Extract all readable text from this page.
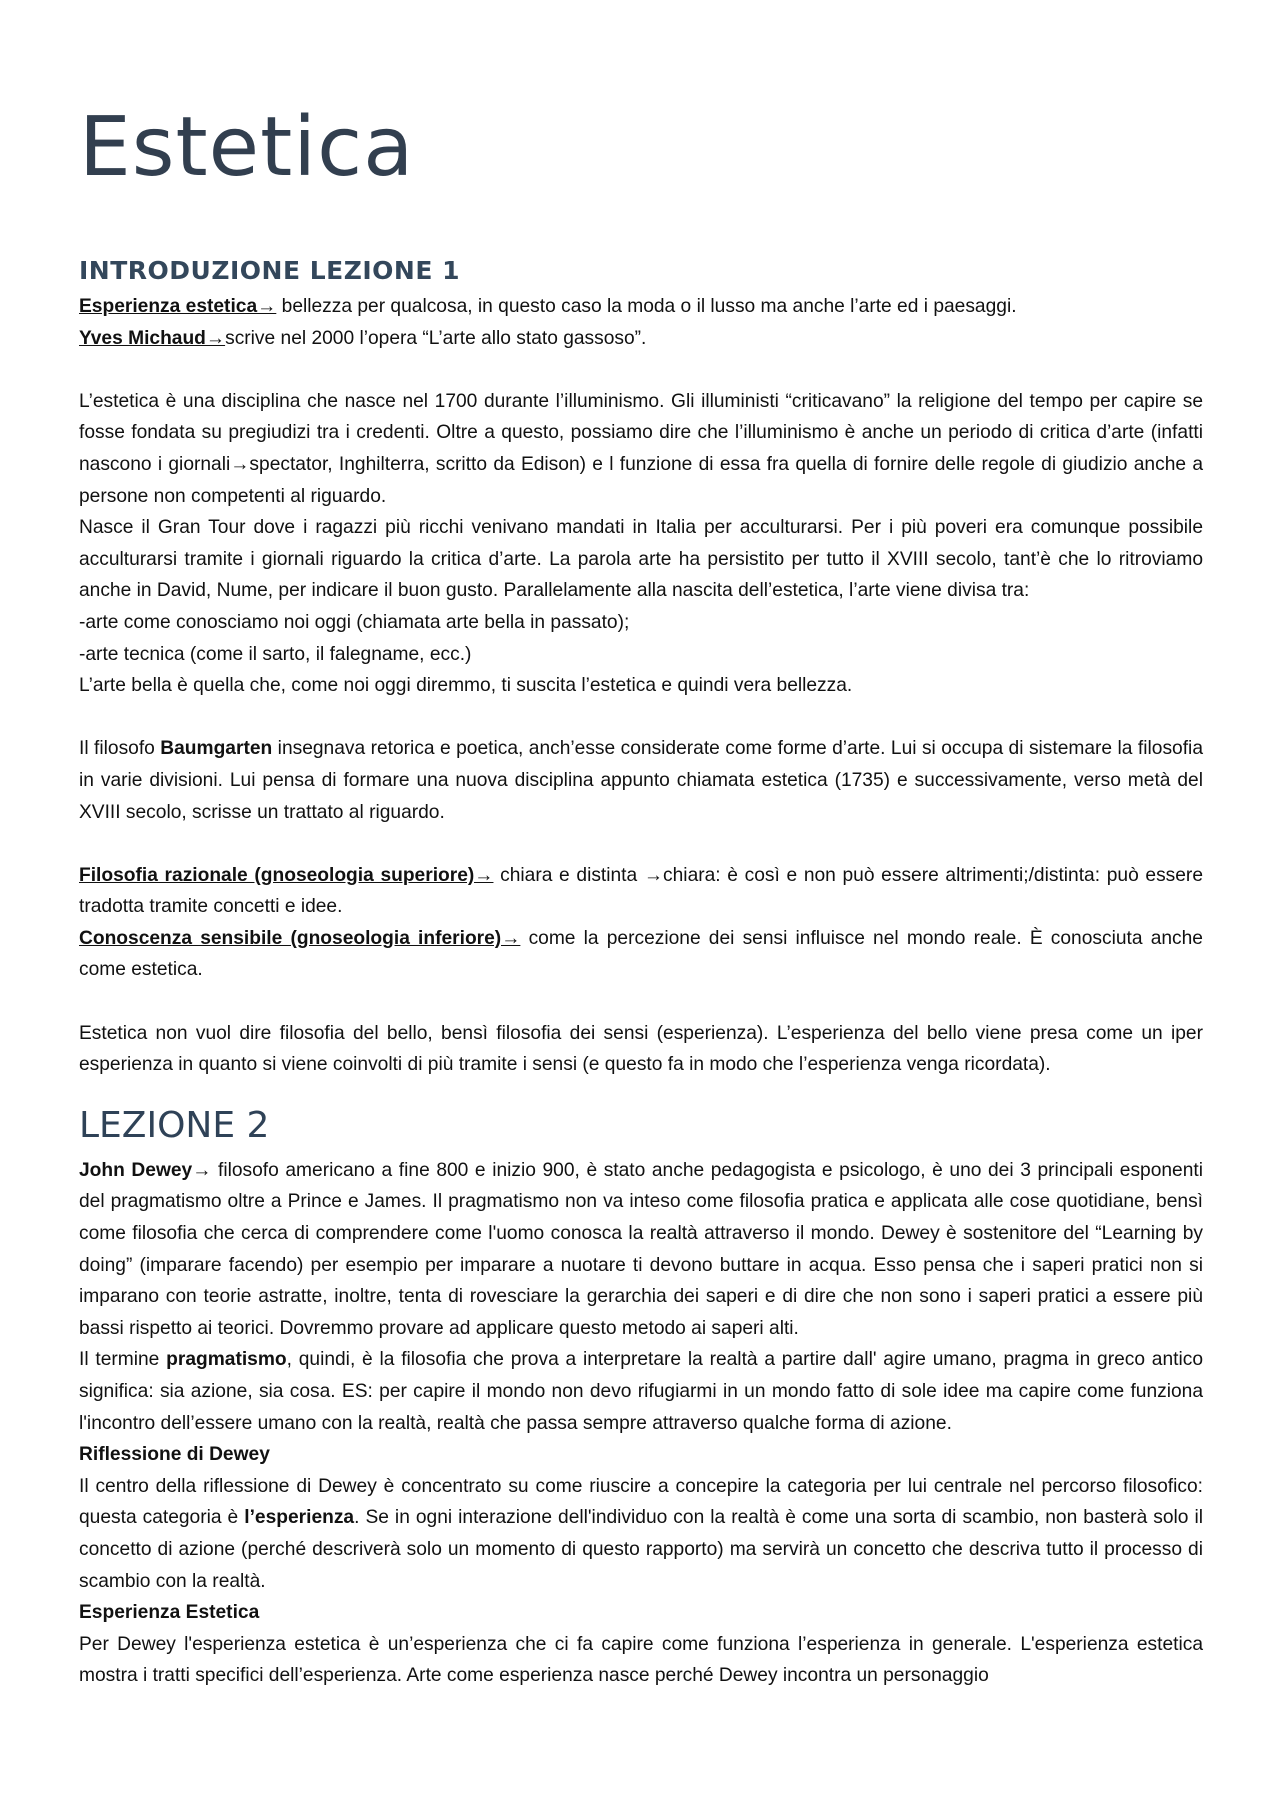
Estetica
INTRODUZIONE LEZIONE 1

Esperienza estetica→ bellezza per qualcosa, in questo caso la moda o il lusso ma anche l’arte ed i paesaggi.

Yves Michaud→scrive nel 2000 l’opera “L’arte allo stato gassoso”.

L’estetica è una disciplina che nasce nel 1700 durante l’illuminismo. Gli illuministi “criticavano” la religione del tempo per capire se fosse fondata su pregiudizi tra i credenti. Oltre a questo, possiamo dire che l’illuminismo è anche un periodo di critica d’arte (infatti nascono i giornali→spectator, Inghilterra, scritto da Edison) e l funzione di essa fra quella di fornire delle regole di giudizio anche a persone non competenti al riguardo.

Nasce il Gran Tour dove i ragazzi più ricchi venivano mandati in Italia per acculturarsi. Per i più poveri era comunque possibile acculturarsi tramite i giornali riguardo la critica d’arte. La parola arte ha persistito per tutto il XVIII secolo, tant’è che lo ritroviamo anche in David, Nume, per indicare il buon gusto. Parallelamente alla nascita dell’estetica, l’arte viene divisa tra:

-arte come conosciamo noi oggi (chiamata arte bella in passato);

-arte tecnica (come il sarto, il falegname, ecc.)

L’arte bella è quella che, come noi oggi diremmo, ti suscita l’estetica e quindi vera bellezza.

Il filosofo Baumgarten insegnava retorica e poetica, anch’esse considerate come forme d’arte. Lui si occupa di sistemare la filosofia in varie divisioni. Lui pensa di formare una nuova disciplina appunto chiamata estetica (1735) e successivamente, verso metà del XVIII secolo, scrisse un trattato al riguardo.

Filosofia razionale (gnoseologia superiore)→ chiara e distinta →chiara: è così e non può essere altrimenti;/distinta: può essere tradotta tramite concetti e idee.

Conoscenza sensibile (gnoseologia inferiore)→ come la percezione dei sensi influisce nel mondo reale. È conosciuta anche come estetica.

Estetica non vuol dire filosofia del bello, bensì filosofia dei sensi (esperienza). L’esperienza del bello viene presa come un iper esperienza in quanto si viene coinvolti di più tramite i sensi (e questo fa in modo che l’esperienza venga ricordata).

LEZIONE 2

John Dewey→ filosofo americano a fine 800 e inizio 900, è stato anche pedagogista e psicologo, è uno dei 3 principali esponenti del pragmatismo oltre a Prince e James. Il pragmatismo non va inteso come filosofia pratica e applicata alle cose quotidiane, bensì come filosofia che cerca di comprendere come l'uomo conosca la realtà attraverso il mondo. Dewey è sostenitore del “Learning by doing” (imparare facendo) per esempio per imparare a nuotare ti devono buttare in acqua. Esso pensa che i saperi pratici non si imparano con teorie astratte, inoltre, tenta di rovesciare la gerarchia dei saperi e di dire che non sono i saperi pratici a essere più bassi rispetto ai teorici. Dovremmo provare ad applicare questo metodo ai saperi alti.

Il termine pragmatismo, quindi, è la filosofia che prova a interpretare la realtà a partire dall' agire umano, pragma in greco antico significa: sia azione, sia cosa. ES: per capire il mondo non devo rifugiarmi in un mondo fatto di sole idee ma capire come funziona l'incontro dell’essere umano con la realtà, realtà che passa sempre attraverso qualche forma di azione.

Riflessione di Dewey

Il centro della riflessione di Dewey è concentrato su come riuscire a concepire la categoria per lui centrale nel percorso filosofico: questa categoria è l’esperienza. Se in ogni interazione dell'individuo con la realtà è come una sorta di scambio, non basterà solo il concetto di azione (perché descriverà solo un momento di questo rapporto) ma servirà un concetto che descriva tutto il processo di scambio con la realtà.

Esperienza Estetica

Per Dewey l'esperienza estetica è un’esperienza che ci fa capire come funziona l’esperienza in generale. L'esperienza estetica mostra i tratti specifici dell’esperienza. Arte come esperienza nasce perché Dewey incontra un personaggio
